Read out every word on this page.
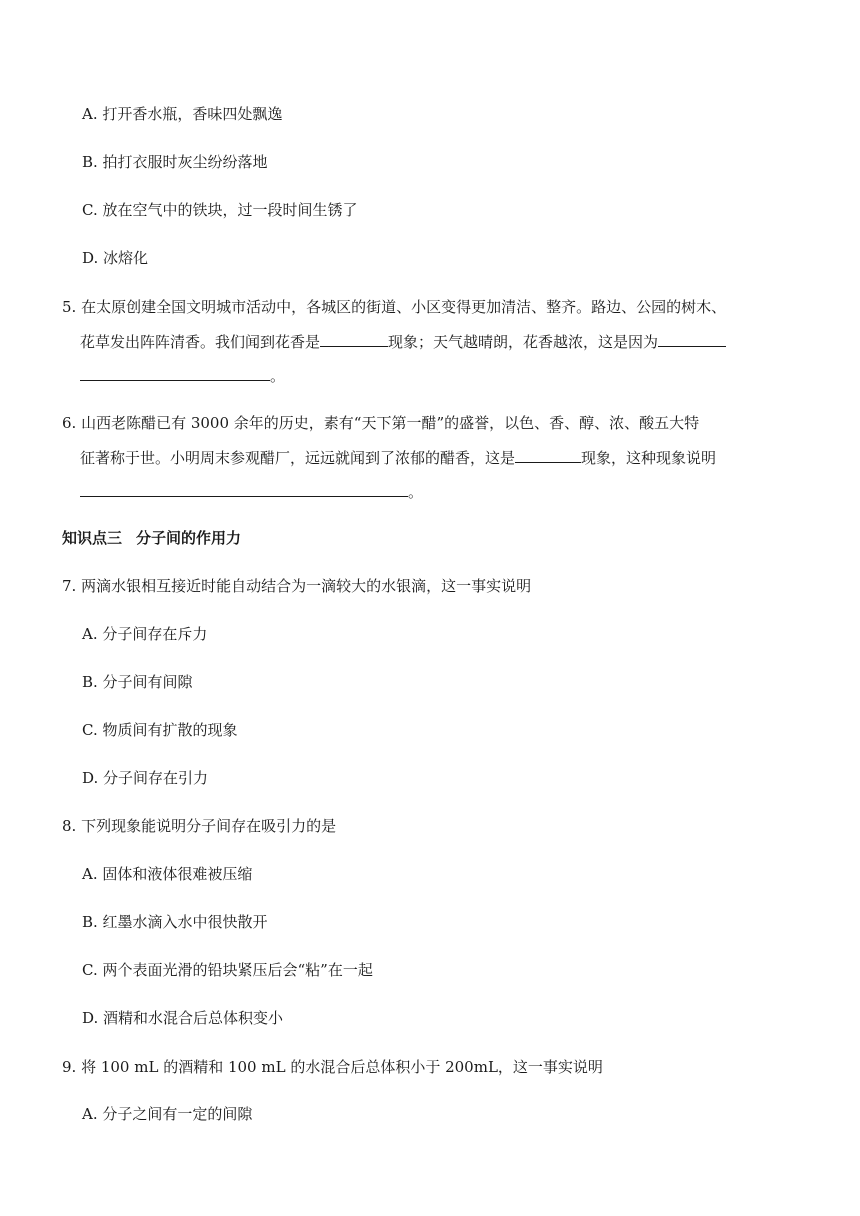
A. 打开香水瓶，香味四处飘逸
B. 拍打衣服时灰尘纷纷落地
C. 放在空气中的铁块，过一段时间生锈了
D. 冰熔化
5. 在太原创建全国文明城市活动中，各城区的街道、小区变得更加清洁、整齐。路边、公园的树木、
花草发出阵阵清香。我们闻到花香是	现象；天气越晴朗，花香越浓，这是因为
。
6. 山西老陈醋已有 3000 余年的历史，素有“天下第一醋”的盛誉，以色、香、醇、浓、酸五大特
征著称于世。小明周末参观醋厂，远远就闻到了浓郁的醋香，这是	现象，这种现象说明
。
知识点三 分子间的作用力
7. 两滴水银相互接近时能自动结合为一滴较大的水银滴，这一事实说明
A. 分子间存在斥力
B. 分子间有间隙
C. 物质间有扩散的现象
D. 分子间存在引力
8. 下列现象能说明分子间存在吸引力的是
A. 固体和液体很难被压缩
B. 红墨水滴入水中很快散开
C. 两个表面光滑的铅块紧压后会“粘”在一起
D. 酒精和水混合后总体积变小
9. 将 100 mL 的酒精和 100 mL 的水混合后总体积小于 200mL，这一事实说明
A. 分子之间有一定的间隙
